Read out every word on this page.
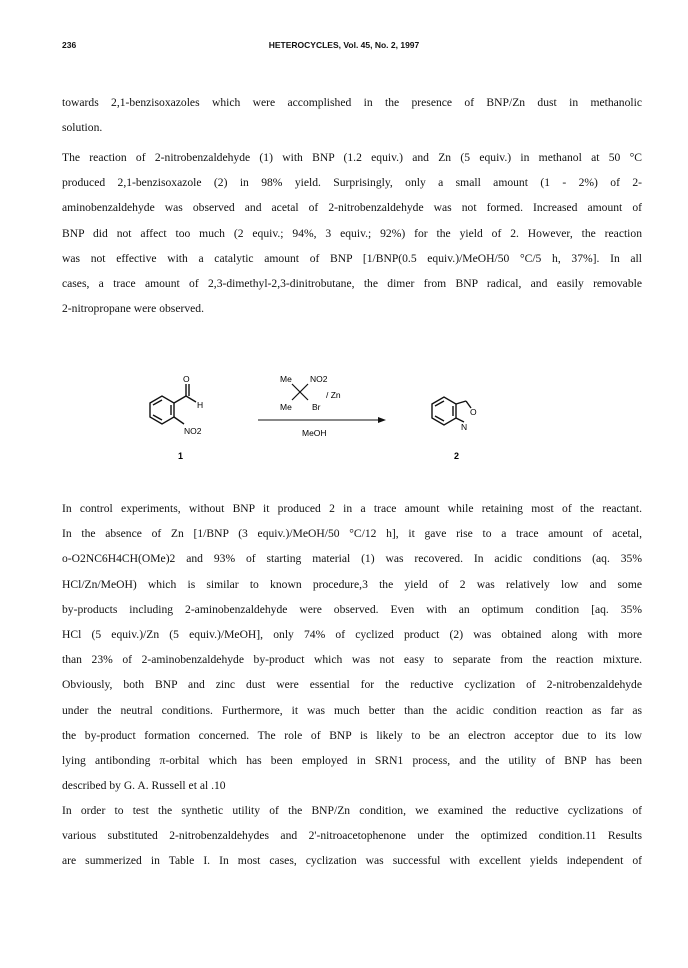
236	HETEROCYCLES, Vol. 45, No. 2, 1997

towards 2,1-benzisoxazoles which were accomplished in the presence of BNP/Zn dust in methanolic
solution.

The reaction of 2-nitrobenzaldehyde (1) with BNP (1.2 equiv.) and Zn (5 equiv.) in methanol at 50 °C
produced 2,1-benzisoxazole (2) in 98% yield. Surprisingly, only a small amount (1 - 2%) of 2-
aminobenzaldehyde was observed and acetal of 2-nitrobenzaldehyde was not formed. Increased amount of
BNP did not affect too much (2 equiv.; 94%, 3 equiv.; 92%) for the yield of 2. However, the reaction
was not effective with a catalytic amount of BNP [1/BNP(0.5 equiv.)/MeOH/50 °C/5 h, 37%]. In all
cases, a trace amount of 2,3-dimethyl-2,3-dinitrobutane, the dimer from BNP radical, and easily removable
2-nitropropane were observed.

O
H
NO2
1
Me NO2
Me Br
/ Zn
MeOH
O
N
2

In control experiments, without BNP it produced 2 in a trace amount while retaining most of the reactant.
In the absence of Zn [1/BNP (3 equiv.)/MeOH/50 °C/12 h], it gave rise to a trace amount of acetal,
o-O2NC6H4CH(OMe)2 and 93% of starting material (1) was recovered. In acidic conditions (aq. 35%
HCl/Zn/MeOH) which is similar to known procedure,3 the yield of 2 was relatively low and some
by-products including 2-aminobenzaldehyde were observed. Even with an optimum condition [aq. 35%
HCl (5 equiv.)/Zn (5 equiv.)/MeOH], only 74% of cyclized product (2) was obtained along with more
than 23% of 2-aminobenzaldehyde by-product which was not easy to separate from the reaction mixture.
Obviously, both BNP and zinc dust were essential for the reductive cyclization of 2-nitrobenzaldehyde
under the neutral conditions. Furthermore, it was much better than the acidic condition reaction as far as
the by-product formation concerned. The role of BNP is likely to be an electron acceptor due to its low
lying antibonding π-orbital which has been employed in SRN1 process, and the utility of BNP has been
described by G. A. Russell et al .10

In order to test the synthetic utility of the BNP/Zn condition, we examined the reductive cyclizations of
various substituted 2-nitrobenzaldehydes and 2'-nitroacetophenone under the optimized condition.11 Results
are summerized in Table I. In most cases, cyclization was successful with excellent yields independent of
